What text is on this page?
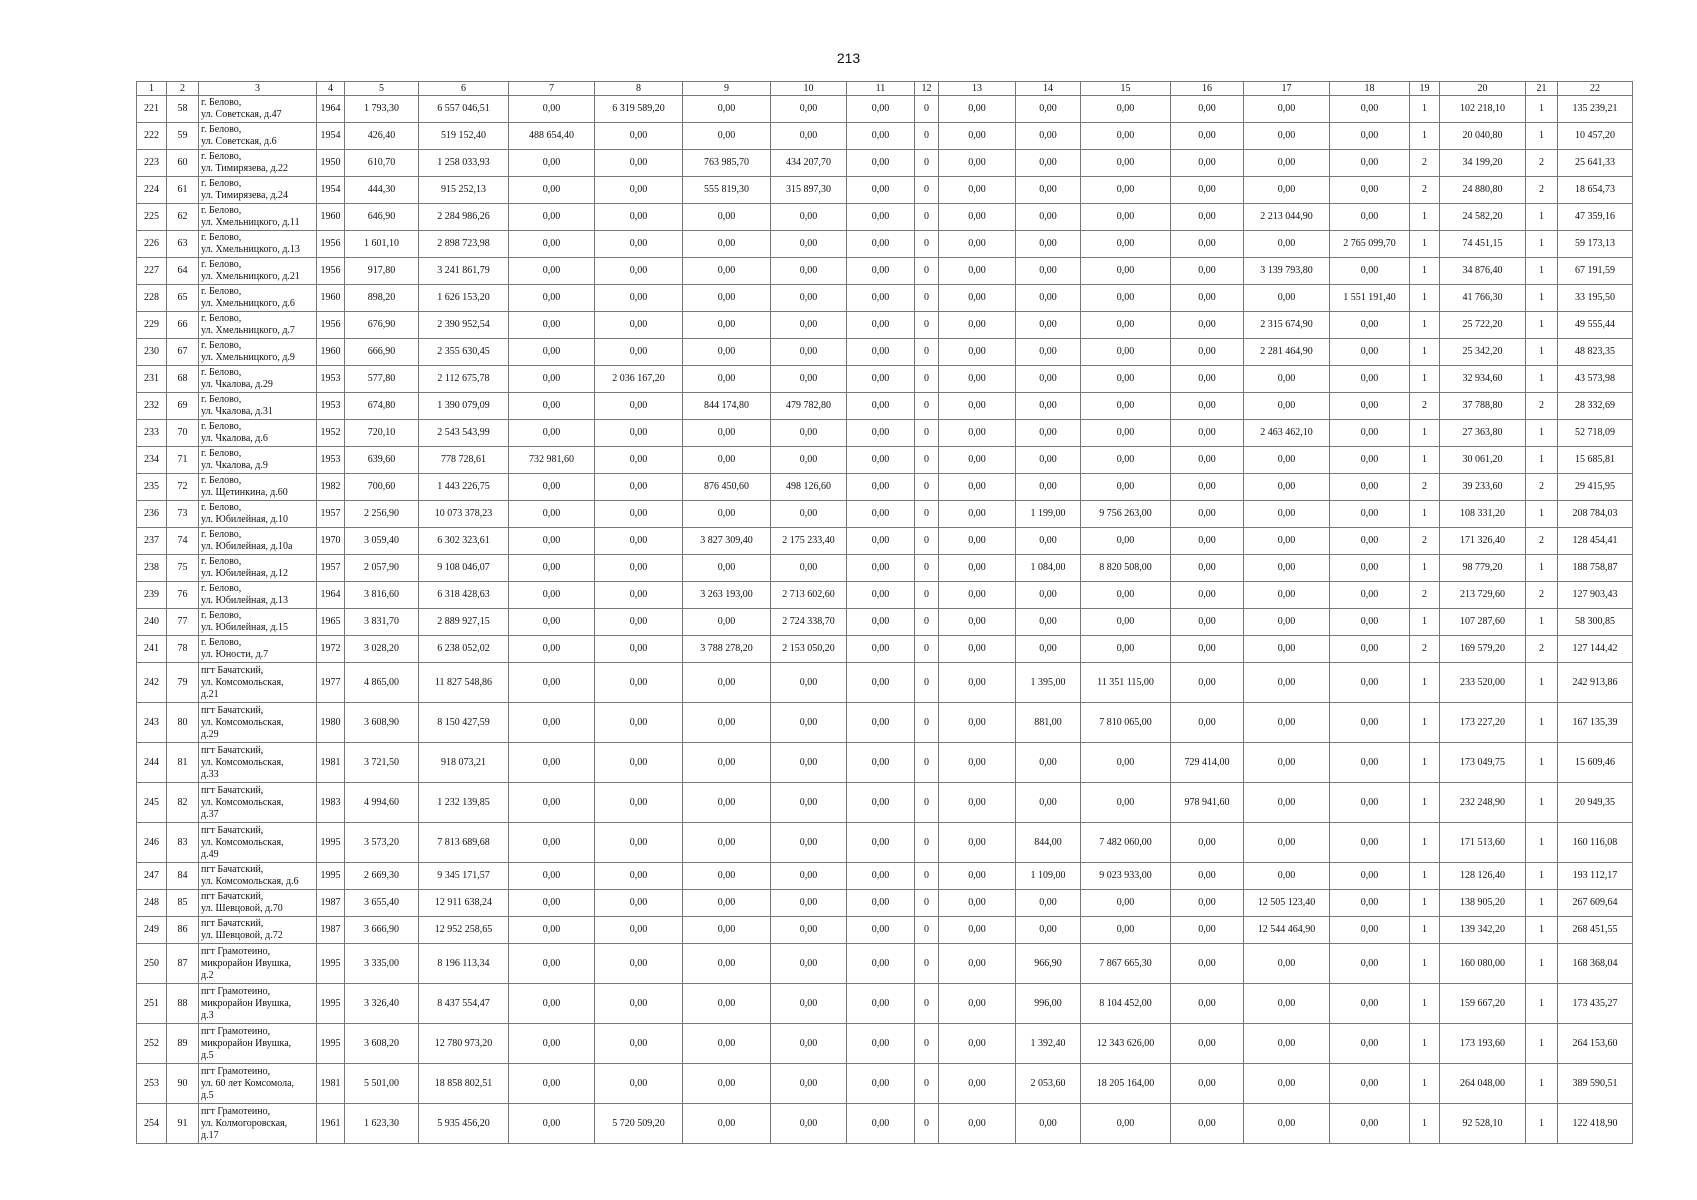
213
1	2	3	4	5	6	7	8	9	10	11	12	13	14	15	16	17	18	19	20	21	22
221	58	г. Белово,
ул. Советская, д.47	1964	1 793,30	6 557 046,51	0,00	6 319 589,20	0,00	0,00	0,00	0	0,00	0,00	0,00	0,00	0,00	0,00	1	102 218,10	1	135 239,21
222	59	г. Белово,
ул. Советская, д.6	1954	426,40	519 152,40	488 654,40	0,00	0,00	0,00	0,00	0	0,00	0,00	0,00	0,00	0,00	0,00	1	20 040,80	1	10 457,20
223	60	г. Белово,
ул. Тимирязева, д.22	1950	610,70	1 258 033,93	0,00	0,00	763 985,70	434 207,70	0,00	0	0,00	0,00	0,00	0,00	0,00	0,00	2	34 199,20	2	25 641,33
224	61	г. Белово,
ул. Тимирязева, д.24	1954	444,30	915 252,13	0,00	0,00	555 819,30	315 897,30	0,00	0	0,00	0,00	0,00	0,00	0,00	0,00	2	24 880,80	2	18 654,73
225	62	г. Белово,
ул. Хмельницкого, д.11	1960	646,90	2 284 986,26	0,00	0,00	0,00	0,00	0,00	0	0,00	0,00	0,00	0,00	2 213 044,90	0,00	1	24 582,20	1	47 359,16
226	63	г. Белово,
ул. Хмельницкого, д.13	1956	1 601,10	2 898 723,98	0,00	0,00	0,00	0,00	0,00	0	0,00	0,00	0,00	0,00	0,00	2 765 099,70	1	74 451,15	1	59 173,13
227	64	г. Белово,
ул. Хмельницкого, д.21	1956	917,80	3 241 861,79	0,00	0,00	0,00	0,00	0,00	0	0,00	0,00	0,00	0,00	3 139 793,80	0,00	1	34 876,40	1	67 191,59
228	65	г. Белово,
ул. Хмельницкого, д.6	1960	898,20	1 626 153,20	0,00	0,00	0,00	0,00	0,00	0	0,00	0,00	0,00	0,00	0,00	1 551 191,40	1	41 766,30	1	33 195,50
229	66	г. Белово,
ул. Хмельницкого, д.7	1956	676,90	2 390 952,54	0,00	0,00	0,00	0,00	0,00	0	0,00	0,00	0,00	0,00	2 315 674,90	0,00	1	25 722,20	1	49 555,44
230	67	г. Белово,
ул. Хмельницкого, д.9	1960	666,90	2 355 630,45	0,00	0,00	0,00	0,00	0,00	0	0,00	0,00	0,00	0,00	2 281 464,90	0,00	1	25 342,20	1	48 823,35
231	68	г. Белово,
ул. Чкалова, д.29	1953	577,80	2 112 675,78	0,00	2 036 167,20	0,00	0,00	0,00	0	0,00	0,00	0,00	0,00	0,00	0,00	1	32 934,60	1	43 573,98
232	69	г. Белово,
ул. Чкалова, д.31	1953	674,80	1 390 079,09	0,00	0,00	844 174,80	479 782,80	0,00	0	0,00	0,00	0,00	0,00	0,00	0,00	2	37 788,80	2	28 332,69
233	70	г. Белово,
ул. Чкалова, д.6	1952	720,10	2 543 543,99	0,00	0,00	0,00	0,00	0,00	0	0,00	0,00	0,00	0,00	2 463 462,10	0,00	1	27 363,80	1	52 718,09
234	71	г. Белово,
ул. Чкалова, д.9	1953	639,60	778 728,61	732 981,60	0,00	0,00	0,00	0,00	0	0,00	0,00	0,00	0,00	0,00	0,00	1	30 061,20	1	15 685,81
235	72	г. Белово,
ул. Щетинкина, д.60	1982	700,60	1 443 226,75	0,00	0,00	876 450,60	498 126,60	0,00	0	0,00	0,00	0,00	0,00	0,00	0,00	2	39 233,60	2	29 415,95
236	73	г. Белово,
ул. Юбилейная, д.10	1957	2 256,90	10 073 378,23	0,00	0,00	0,00	0,00	0,00	0	0,00	1 199,00	9 756 263,00	0,00	0,00	0,00	1	108 331,20	1	208 784,03
237	74	г. Белово,
ул. Юбилейная, д.10а	1970	3 059,40	6 302 323,61	0,00	0,00	3 827 309,40	2 175 233,40	0,00	0	0,00	0,00	0,00	0,00	0,00	0,00	2	171 326,40	2	128 454,41
238	75	г. Белово,
ул. Юбилейная, д.12	1957	2 057,90	9 108 046,07	0,00	0,00	0,00	0,00	0,00	0	0,00	1 084,00	8 820 508,00	0,00	0,00	0,00	1	98 779,20	1	188 758,87
239	76	г. Белово,
ул. Юбилейная, д.13	1964	3 816,60	6 318 428,63	0,00	0,00	3 263 193,00	2 713 602,60	0,00	0	0,00	0,00	0,00	0,00	0,00	0,00	2	213 729,60	2	127 903,43
240	77	г. Белово,
ул. Юбилейная, д.15	1965	3 831,70	2 889 927,15	0,00	0,00	0,00	2 724 338,70	0,00	0	0,00	0,00	0,00	0,00	0,00	0,00	1	107 287,60	1	58 300,85
241	78	г. Белово,
ул. Юности, д.7	1972	3 028,20	6 238 052,02	0,00	0,00	3 788 278,20	2 153 050,20	0,00	0	0,00	0,00	0,00	0,00	0,00	0,00	2	169 579,20	2	127 144,42
242	79	пгт Бачатский,
ул. Комсомольская,
д.21	1977	4 865,00	11 827 548,86	0,00	0,00	0,00	0,00	0,00	0	0,00	1 395,00	11 351 115,00	0,00	0,00	0,00	1	233 520,00	1	242 913,86
243	80	пгт Бачатский,
ул. Комсомольская,
д.29	1980	3 608,90	8 150 427,59	0,00	0,00	0,00	0,00	0,00	0	0,00	881,00	7 810 065,00	0,00	0,00	0,00	1	173 227,20	1	167 135,39
244	81	пгт Бачатский,
ул. Комсомольская,
д.33	1981	3 721,50	918 073,21	0,00	0,00	0,00	0,00	0,00	0	0,00	0,00	0,00	729 414,00	0,00	0,00	1	173 049,75	1	15 609,46
245	82	пгт Бачатский,
ул. Комсомольская,
д.37	1983	4 994,60	1 232 139,85	0,00	0,00	0,00	0,00	0,00	0	0,00	0,00	0,00	978 941,60	0,00	0,00	1	232 248,90	1	20 949,35
246	83	пгт Бачатский,
ул. Комсомольская,
д.49	1995	3 573,20	7 813 689,68	0,00	0,00	0,00	0,00	0,00	0	0,00	844,00	7 482 060,00	0,00	0,00	0,00	1	171 513,60	1	160 116,08
247	84	пгт Бачатский,
ул. Комсомольская, д.6	1995	2 669,30	9 345 171,57	0,00	0,00	0,00	0,00	0,00	0	0,00	1 109,00	9 023 933,00	0,00	0,00	0,00	1	128 126,40	1	193 112,17
248	85	пгт Бачатский,
ул. Шевцовой, д.70	1987	3 655,40	12 911 638,24	0,00	0,00	0,00	0,00	0,00	0	0,00	0,00	0,00	0,00	12 505 123,40	0,00	1	138 905,20	1	267 609,64
249	86	пгт Бачатский,
ул. Шевцовой, д.72	1987	3 666,90	12 952 258,65	0,00	0,00	0,00	0,00	0,00	0	0,00	0,00	0,00	0,00	12 544 464,90	0,00	1	139 342,20	1	268 451,55
250	87	пгт Грамотеино,
микрорайон Ивушка,
д.2	1995	3 335,00	8 196 113,34	0,00	0,00	0,00	0,00	0,00	0	0,00	966,90	7 867 665,30	0,00	0,00	0,00	1	160 080,00	1	168 368,04
251	88	пгт Грамотеино,
микрорайон Ивушка,
д.3	1995	3 326,40	8 437 554,47	0,00	0,00	0,00	0,00	0,00	0	0,00	996,00	8 104 452,00	0,00	0,00	0,00	1	159 667,20	1	173 435,27
252	89	пгт Грамотеино,
микрорайон Ивушка,
д.5	1995	3 608,20	12 780 973,20	0,00	0,00	0,00	0,00	0,00	0	0,00	1 392,40	12 343 626,00	0,00	0,00	0,00	1	173 193,60	1	264 153,60
253	90	пгт Грамотеино,
ул. 60 лет Комсомола,
д.5	1981	5 501,00	18 858 802,51	0,00	0,00	0,00	0,00	0,00	0	0,00	2 053,60	18 205 164,00	0,00	0,00	0,00	1	264 048,00	1	389 590,51
254	91	пгт Грамотеино,
ул. Колмогоровская,
д.17	1961	1 623,30	5 935 456,20	0,00	5 720 509,20	0,00	0,00	0,00	0	0,00	0,00	0,00	0,00	0,00	0,00	1	92 528,10	1	122 418,90
